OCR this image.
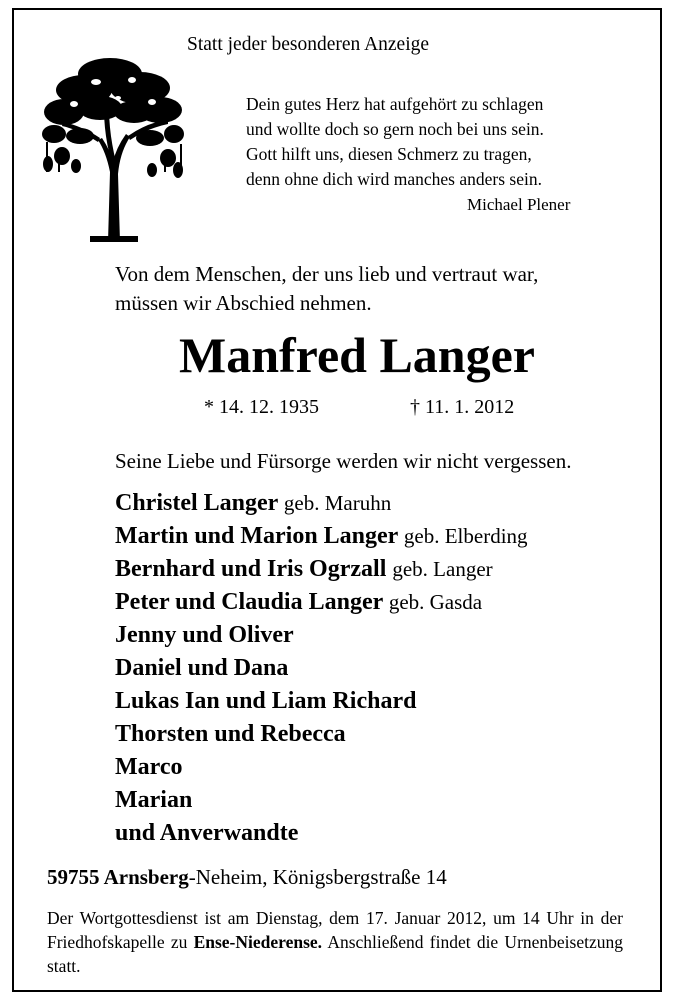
Statt jeder besonderen Anzeige
Dein gutes Herz hat aufgehört zu schlagen
und wollte doch so gern noch bei uns sein.
Gott hilft uns, diesen Schmerz zu tragen,
denn ohne dich wird manches anders sein.
Michael Plener
Von dem Menschen, der uns lieb und vertraut war,
müssen wir Abschied nehmen.
Manfred Langer
* 14. 12. 1935	† 11. 1. 2012
Seine Liebe und Fürsorge werden wir nicht vergessen.
Christel Langer geb. Maruhn
Martin und Marion Langer geb. Elberding
Bernhard und Iris Ogrzall geb. Langer
Peter und Claudia Langer geb. Gasda
Jenny und Oliver
Daniel und Dana
Lukas Ian und Liam Richard
Thorsten und Rebecca
Marco
Marian
und Anverwandte
59755 Arnsberg-Neheim, Königsbergstraße 14
Der Wortgottesdienst ist am Dienstag, dem 17. Januar 2012, um 14 Uhr in der Friedhofskapelle zu Ense-Niederense. Anschließend findet die Urnenbeisetzung statt.
